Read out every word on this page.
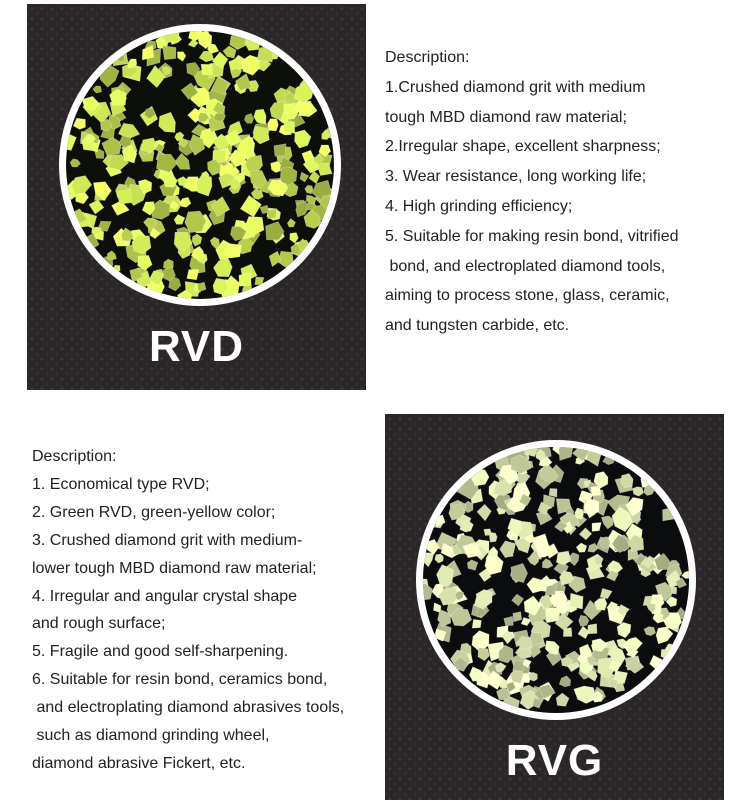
RVD
Description:
1.Crushed diamond grit with medium
tough MBD diamond raw material;
2.Irregular shape, excellent sharpness;
3. Wear resistance, long working life;
4. High grinding efficiency;
5. Suitable for making resin bond, vitrified
bond, and electroplated diamond tools,
aiming to process stone, glass, ceramic,
and tungsten carbide, etc.
Description:
1. Economical type RVD;
2. Green RVD, green-yellow color;
3. Crushed diamond grit with medium-
lower tough MBD diamond raw material;
4. Irregular and angular crystal shape
and rough surface;
5. Fragile and good self-sharpening.
6. Suitable for resin bond, ceramics bond,
and electroplating diamond abrasives tools,
such as diamond grinding wheel,
diamond abrasive Fickert, etc.	RVG
